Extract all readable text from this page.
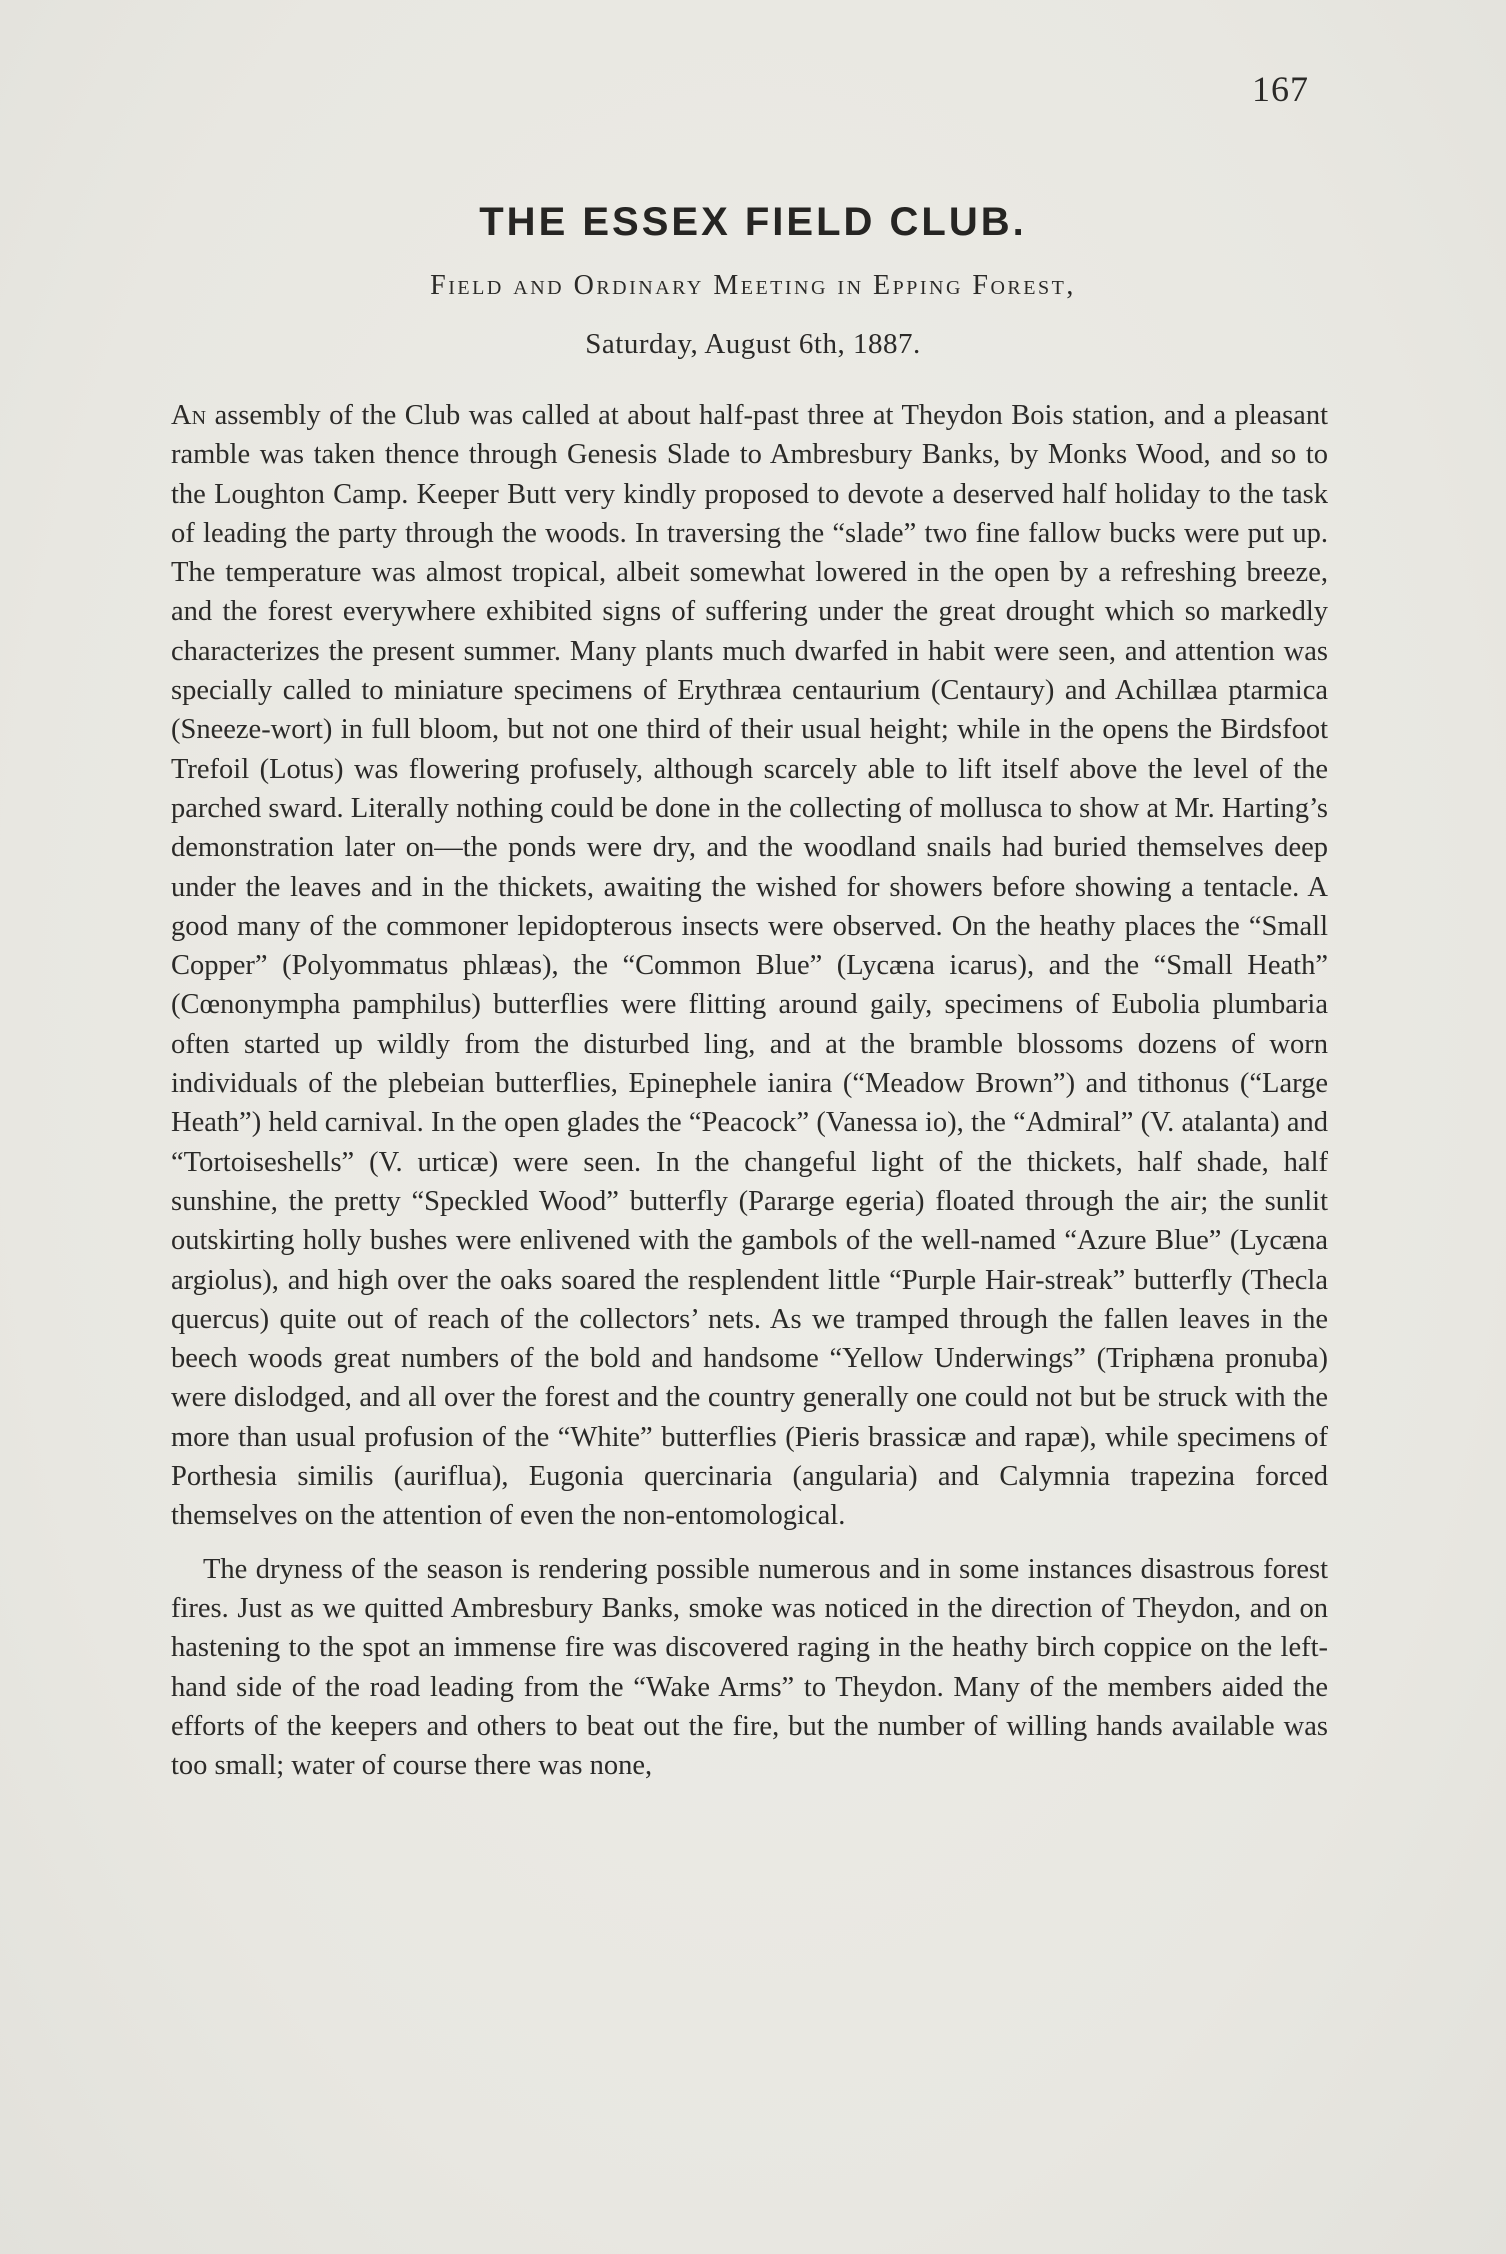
167
THE ESSEX FIELD CLUB.
Field and Ordinary Meeting in Epping Forest,
Saturday, August 6th, 1887.

An assembly of the Club was called at about half-past three at Theydon Bois station, and a pleasant ramble was taken thence through Genesis Slade to Ambresbury Banks, by Monks Wood, and so to the Loughton Camp. Keeper Butt very kindly proposed to devote a deserved half holiday to the task of leading the party through the woods. In traversing the “slade” two fine fallow bucks were put up. The temperature was almost tropical, albeit somewhat lowered in the open by a refreshing breeze, and the forest everywhere exhibited signs of suffering under the great drought which so markedly characterizes the present summer. Many plants much dwarfed in habit were seen, and attention was specially called to miniature specimens of Erythræa centaurium (Centaury) and Achillæa ptarmica (Sneeze-wort) in full bloom, but not one third of their usual height; while in the opens the Birdsfoot Trefoil (Lotus) was flowering profusely, although scarcely able to lift itself above the level of the parched sward. Literally nothing could be done in the collecting of mollusca to show at Mr. Harting’s demonstration later on—the ponds were dry, and the woodland snails had buried themselves deep under the leaves and in the thickets, awaiting the wished for showers before showing a tentacle. A good many of the commoner lepidopterous insects were observed. On the heathy places the “Small Copper” (Polyommatus phlæas), the “Common Blue” (Lycæna icarus), and the “Small Heath” (Cœnonympha pamphilus) butterflies were flitting around gaily, specimens of Eubolia plumbaria often started up wildly from the disturbed ling, and at the bramble blossoms dozens of worn individuals of the plebeian butterflies, Epinephele ianira (“Meadow Brown”) and tithonus (“Large Heath”) held carnival. In the open glades the “Peacock” (Vanessa io), the “Admiral” (V. atalanta) and “Tortoiseshells” (V. urticæ) were seen. In the changeful light of the thickets, half shade, half sunshine, the pretty “Speckled Wood” butterfly (Pararge egeria) floated through the air; the sunlit outskirting holly bushes were enlivened with the gambols of the well-named “Azure Blue” (Lycæna argiolus), and high over the oaks soared the resplendent little “Purple Hair-streak” butterfly (Thecla quercus) quite out of reach of the collectors’ nets. As we tramped through the fallen leaves in the beech woods great numbers of the bold and handsome “Yellow Underwings” (Triphæna pronuba) were dislodged, and all over the forest and the country generally one could not but be struck with the more than usual profusion of the “White” butterflies (Pieris brassicæ and rapæ), while specimens of Porthesia similis (auriflua), Eugonia quercinaria (angularia) and Calymnia trapezina forced themselves on the attention of even the non-entomological.

The dryness of the season is rendering possible numerous and in some instances disastrous forest fires. Just as we quitted Ambresbury Banks, smoke was noticed in the direction of Theydon, and on hastening to the spot an immense fire was discovered raging in the heathy birch coppice on the left-hand side of the road leading from the “Wake Arms” to Theydon. Many of the members aided the efforts of the keepers and others to beat out the fire, but the number of willing hands available was too small; water of course there was none,
